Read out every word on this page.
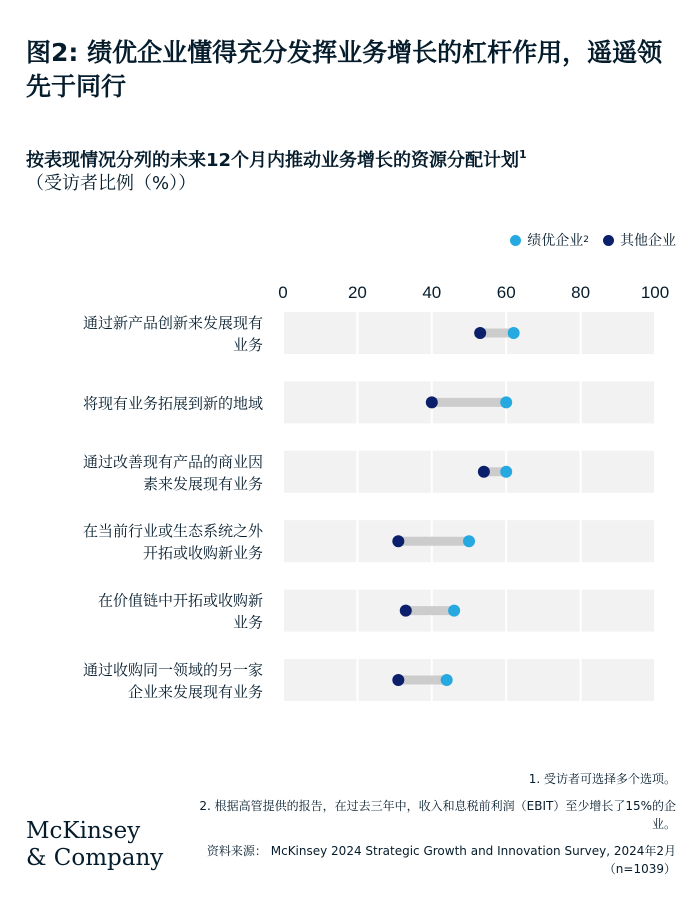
图2: 绩优企业懂得充分发挥业务增长的杠杆作用，遥遥领先于同行

按表现情况分列的未来12个月内推动业务增长的资源分配计划$^1$

（受访者比例（%））
绩优企业 2 其他企业
0	20	40	60	80	100
通过新产品创新来发展现有业务
将现有业务拓展到新的地域
通过改善现有产品的商业因素来发展现有业务
在当前行业或生态系统之外开拓或收购新业务
在价值链中开拓或收购新业务
通过收购同一领域的另一家企业来发展现有业务

1. 受访者可选择多个选项。

2. 根据高管提供的报告，在过去三年中，收入和息税前利润（EBIT）至少增长了15%的企业。

资料来源： McKinsey 2024 Strategic Growth and Innovation Survey, 2024年2月（n=1039）

McKinsey
& Company
